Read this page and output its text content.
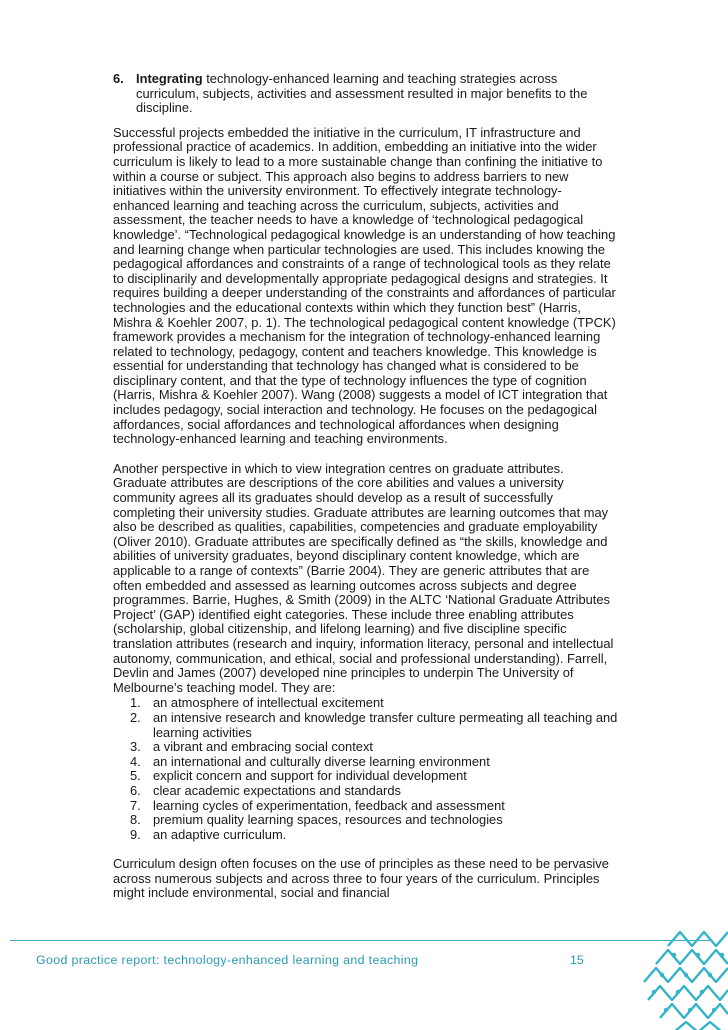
6. Integrating technology-enhanced learning and teaching strategies across curriculum, subjects, activities and assessment resulted in major benefits to the discipline.

Successful projects embedded the initiative in the curriculum, IT infrastructure and professional practice of academics. In addition, embedding an initiative into the wider curriculum is likely to lead to a more sustainable change than confining the initiative to within a course or subject. This approach also begins to address barriers to new initiatives within the university environment. To effectively integrate technology-enhanced learning and teaching across the curriculum, subjects, activities and assessment, the teacher needs to have a knowledge of ‘technological pedagogical knowledge’. “Technological pedagogical knowledge is an understanding of how teaching and learning change when particular technologies are used. This includes knowing the pedagogical affordances and constraints of a range of technological tools as they relate to disciplinarily and developmentally appropriate pedagogical designs and strategies. It requires building a deeper understanding of the constraints and affordances of particular technologies and the educational contexts within which they function best” (Harris, Mishra & Koehler 2007, p. 1). The technological pedagogical content knowledge (TPCK) framework provides a mechanism for the integration of technology-enhanced learning related to technology, pedagogy, content and teachers knowledge. This knowledge is essential for understanding that technology has changed what is considered to be disciplinary content, and that the type of technology influences the type of cognition (Harris, Mishra & Koehler 2007). Wang (2008) suggests a model of ICT integration that includes pedagogy, social interaction and technology. He focuses on the pedagogical affordances, social affordances and technological affordances when designing technology-enhanced learning and teaching environments.

Another perspective in which to view integration centres on graduate attributes. Graduate attributes are descriptions of the core abilities and values a university community agrees all its graduates should develop as a result of successfully completing their university studies. Graduate attributes are learning outcomes that may also be described as qualities, capabilities, competencies and graduate employability (Oliver 2010). Graduate attributes are specifically defined as “the skills, knowledge and abilities of university graduates, beyond disciplinary content knowledge, which are applicable to a range of contexts” (Barrie 2004). They are generic attributes that are often embedded and assessed as learning outcomes across subjects and degree programmes. Barrie, Hughes, & Smith (2009) in the ALTC ‘National Graduate Attributes Project’ (GAP) identified eight categories. These include three enabling attributes (scholarship, global citizenship, and lifelong learning) and five discipline specific translation attributes (research and inquiry, information literacy, personal and intellectual autonomy, communication, and ethical, social and professional understanding). Farrell, Devlin and James (2007) developed nine principles to underpin The University of Melbourne’s teaching model. They are:

1. an atmosphere of intellectual excitement
2. an intensive research and knowledge transfer culture permeating all teaching and learning activities
3. a vibrant and embracing social context
4. an international and culturally diverse learning environment
5. explicit concern and support for individual development
6. clear academic expectations and standards
7. learning cycles of experimentation, feedback and assessment
8. premium quality learning spaces, resources and technologies
9. an adaptive curriculum.

Curriculum design often focuses on the use of principles as these need to be pervasive across numerous subjects and across three to four years of the curriculum. Principles might include environmental, social and financial

Good practice report: technology-enhanced learning and teaching	15
